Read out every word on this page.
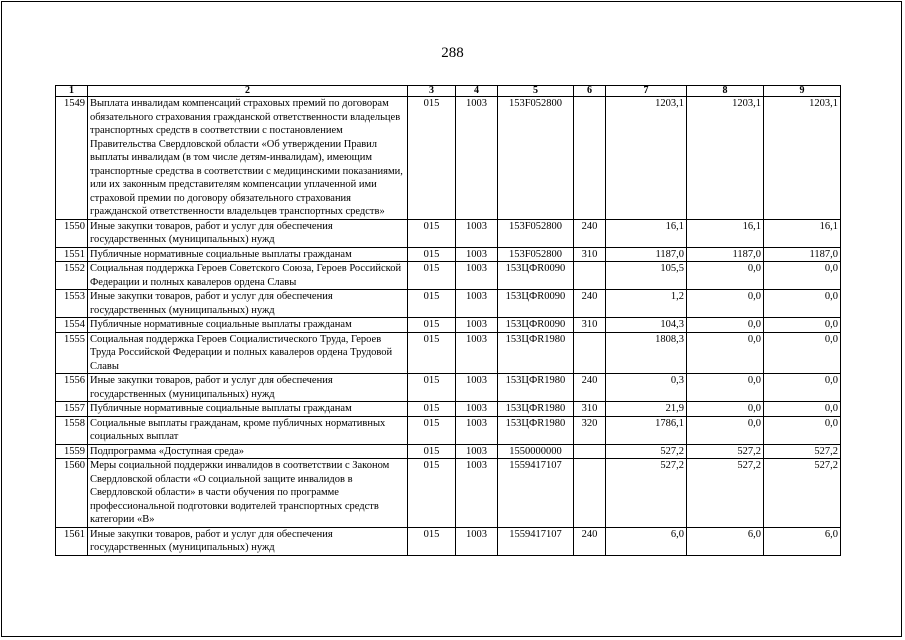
288
1	2	3	4	5	6	7	8	9
1549	Выплата инвалидам компенсаций страховых премий по договорам обязательного страхования гражданской ответственности владельцев транспортных средств в соответствии с постановлением Правительства Свердловской области «Об утверждении Правил выплаты инвалидам (в том числе детям-инвалидам), имеющим транспортные средства в соответствии с медицинскими показаниями, или их законным представителям компенсации уплаченной ими страховой премии по договору обязательного страхования гражданской ответственности владельцев транспортных средств»	015	1003	153F052800		1203,1	1203,1	1203,1
1550	Иные закупки товаров, работ и услуг для обеспечения государственных (муниципальных) нужд	015	1003	153F052800	240	16,1	16,1	16,1
1551	Публичные нормативные социальные выплаты гражданам	015	1003	153F052800	310	1187,0	1187,0	1187,0
1552	Социальная поддержка Героев Советского Союза, Героев Российской Федерации и полных кавалеров ордена Славы	015	1003	153ЦФR0090		105,5	0,0	0,0
1553	Иные закупки товаров, работ и услуг для обеспечения государственных (муниципальных) нужд	015	1003	153ЦФR0090	240	1,2	0,0	0,0
1554	Публичные нормативные социальные выплаты гражданам	015	1003	153ЦФR0090	310	104,3	0,0	0,0
1555	Социальная поддержка Героев Социалистического Труда, Героев Труда Российской Федерации и полных кавалеров ордена Трудовой Славы	015	1003	153ЦФR1980		1808,3	0,0	0,0
1556	Иные закупки товаров, работ и услуг для обеспечения государственных (муниципальных) нужд	015	1003	153ЦФR1980	240	0,3	0,0	0,0
1557	Публичные нормативные социальные выплаты гражданам	015	1003	153ЦФR1980	310	21,9	0,0	0,0
1558	Социальные выплаты гражданам, кроме публичных нормативных социальных выплат	015	1003	153ЦФR1980	320	1786,1	0,0	0,0
1559	Подпрограмма «Доступная среда»	015	1003	1550000000		527,2	527,2	527,2
1560	Меры социальной поддержки инвалидов в соответствии с Законом Свердловской области «О социальной защите инвалидов в Свердловской области» в части обучения по программе профессиональной подготовки водителей транспортных средств категории «В»	015	1003	1559417107		527,2	527,2	527,2
1561	Иные закупки товаров, работ и услуг для обеспечения государственных (муниципальных) нужд	015	1003	1559417107	240	6,0	6,0	6,0
